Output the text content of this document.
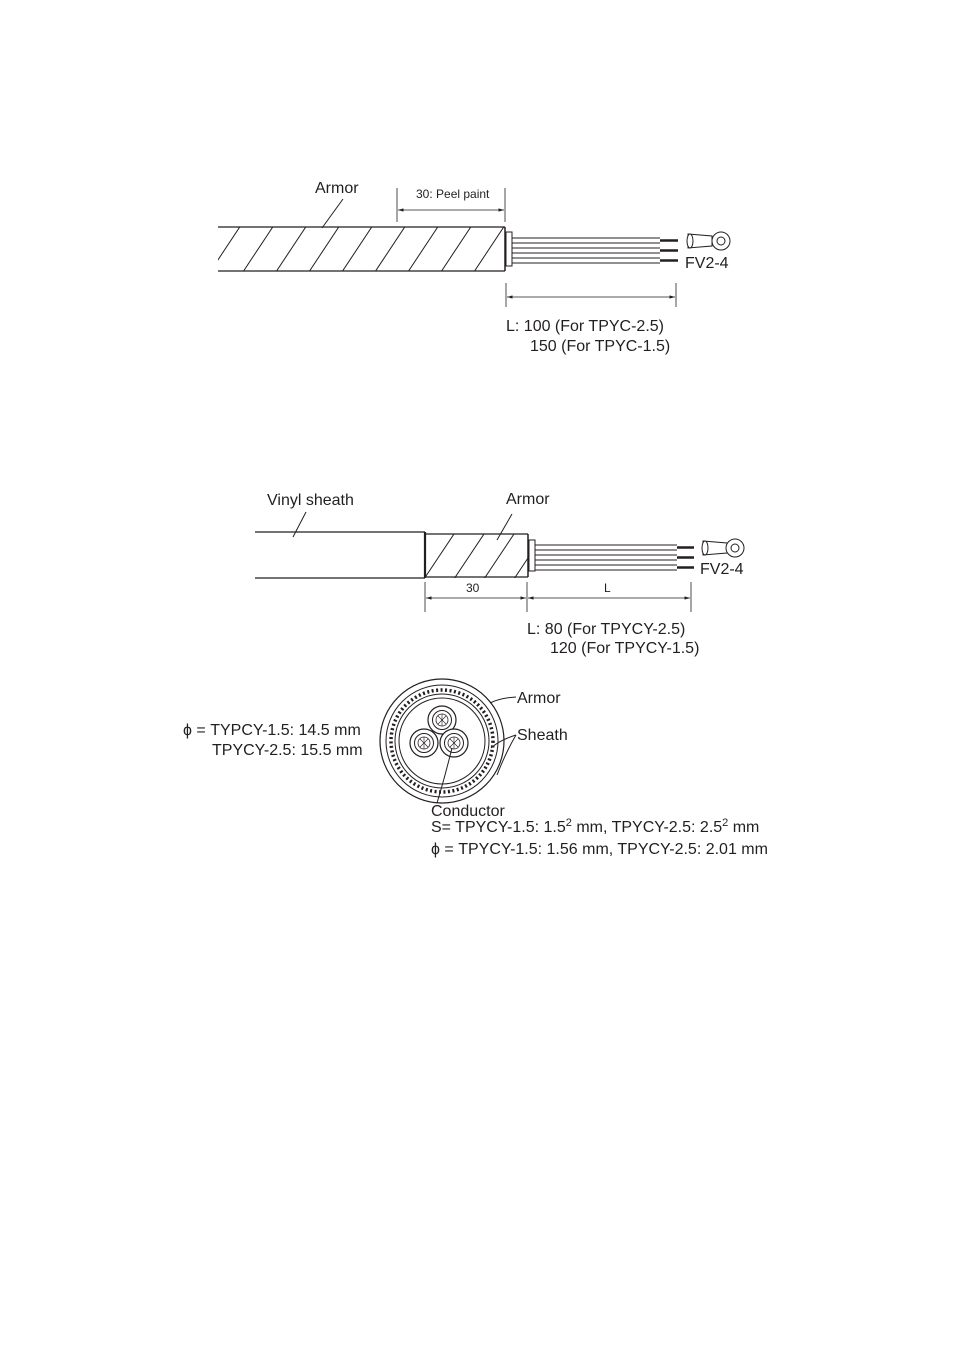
Armor	30: Peel paint
FV2-4
L: 100 (For TPYC-2.5)
150 (For TPYC-1.5)
Vinyl sheath	Armor
FV2-4
30	L
L: 80 (For TPYCY-2.5)
120 (For TPYCY-1.5)
Armor
Sheath
ϕ = TYPCY-1.5: 14.5 mm
TPYCY-2.5: 15.5 mm
Conductor
S= TPYCY-1.5: $1.5^2$ mm, TPYCY-2.5: $2.5^2$ mm
ϕ = TPYCY-1.5: 1.56 mm, TPYCY-2.5: 2.01 mm
